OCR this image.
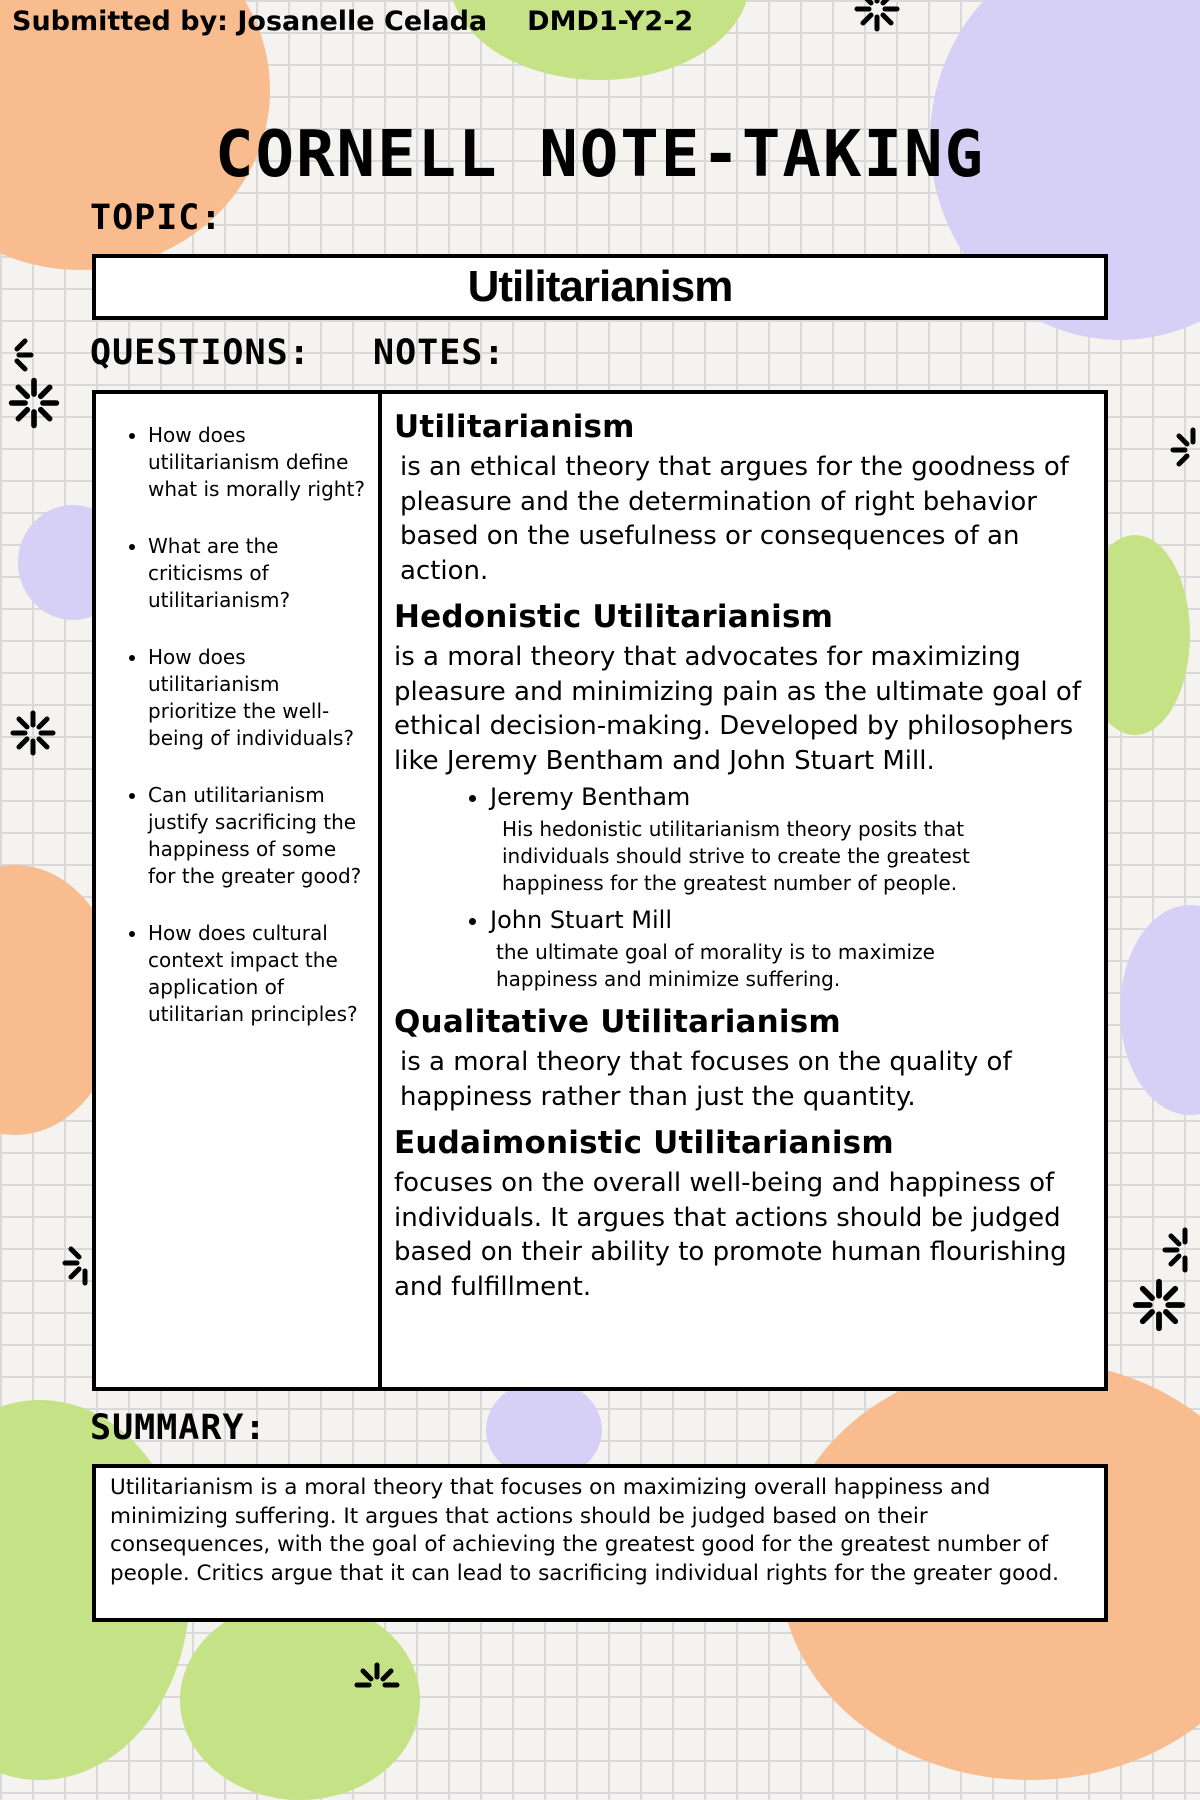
Submitted by: Josanelle Celada DMD1-Y2-2
CORNELL NOTE-TAKING
TOPIC:
Utilitarianism
QUESTIONS: NOTES:
• How does utilitarianism define what is morally right?
• What are the criticisms of utilitarianism?
• How does utilitarianism prioritize the well-being of individuals?
• Can utilitarianism justify sacrificing the happiness of some for the greater good?
• How does cultural context impact the application of utilitarian principles?
Utilitarianism

is an ethical theory that argues for the goodness of pleasure and the determination of right behavior based on the usefulness or consequences of an action.

Hedonistic Utilitarianism

is a moral theory that advocates for maximizing pleasure and minimizing pain as the ultimate goal of ethical decision-making. Developed by philosophers like Jeremy Bentham and John Stuart Mill.

• Jeremy Bentham
His hedonistic utilitarianism theory posits that individuals should strive to create the greatest happiness for the greatest number of people.
• John Stuart Mill
the ultimate goal of morality is to maximize happiness and minimize suffering.
Qualitative Utilitarianism

is a moral theory that focuses on the quality of happiness rather than just the quantity.

Eudaimonistic Utilitarianism

focuses on the overall well-being and happiness of individuals. It argues that actions should be judged based on their ability to promote human flourishing and fulfillment.

SUMMARY:
Utilitarianism is a moral theory that focuses on maximizing overall happiness and minimizing suffering. It argues that actions should be judged based on their consequences, with the goal of achieving the greatest good for the greatest number of people. Critics argue that it can lead to sacrificing individual rights for the greater good.
